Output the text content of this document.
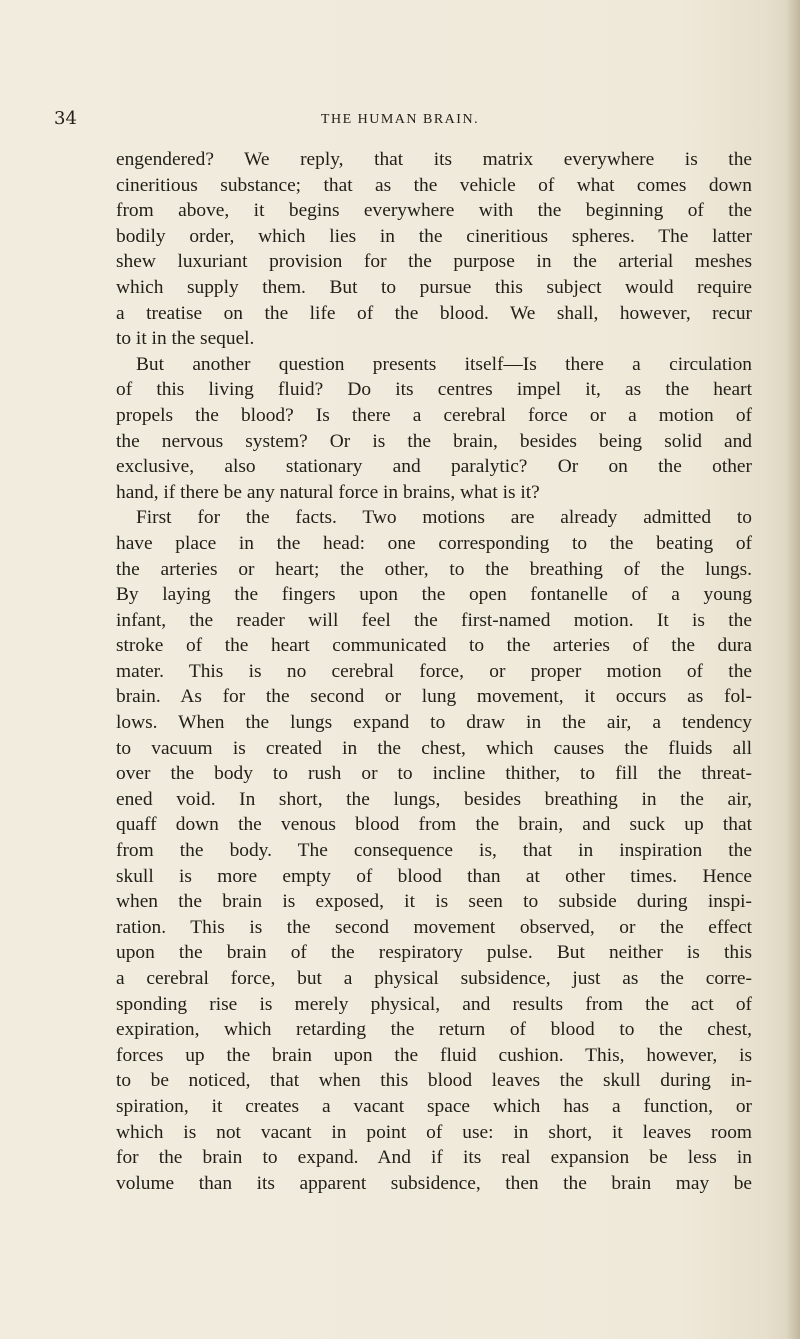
34	THE HUMAN BRAIN.

engendered? We reply, that its matrix everywhere is the
cineritious substance; that as the vehicle of what comes down
from above, it begins everywhere with the beginning of the
bodily order, which lies in the cineritious spheres. The latter
shew luxuriant provision for the purpose in the arterial meshes
which supply them. But to pursue this subject would require
a treatise on the life of the blood. We shall, however, recur
to it in the sequel.
But another question presents itself—Is there a circulation
of this living fluid? Do its centres impel it, as the heart
propels the blood? Is there a cerebral force or a motion of
the nervous system? Or is the brain, besides being solid and
exclusive, also stationary and paralytic? Or on the other
hand, if there be any natural force in brains, what is it?
First for the facts. Two motions are already admitted to
have place in the head: one corresponding to the beating of
the arteries or heart; the other, to the breathing of the lungs.
By laying the fingers upon the open fontanelle of a young
infant, the reader will feel the first-named motion. It is the
stroke of the heart communicated to the arteries of the dura
mater. This is no cerebral force, or proper motion of the
brain. As for the second or lung movement, it occurs as fol-
lows. When the lungs expand to draw in the air, a tendency
to vacuum is created in the chest, which causes the fluids all
over the body to rush or to incline thither, to fill the threat-
ened void. In short, the lungs, besides breathing in the air,
quaff down the venous blood from the brain, and suck up that
from the body. The consequence is, that in inspiration the
skull is more empty of blood than at other times. Hence
when the brain is exposed, it is seen to subside during inspi-
ration. This is the second movement observed, or the effect
upon the brain of the respiratory pulse. But neither is this
a cerebral force, but a physical subsidence, just as the corre-
sponding rise is merely physical, and results from the act of
expiration, which retarding the return of blood to the chest,
forces up the brain upon the fluid cushion. This, however, is
to be noticed, that when this blood leaves the skull during in-
spiration, it creates a vacant space which has a function, or
which is not vacant in point of use: in short, it leaves room
for the brain to expand. And if its real expansion be less in
volume than its apparent subsidence, then the brain may be
